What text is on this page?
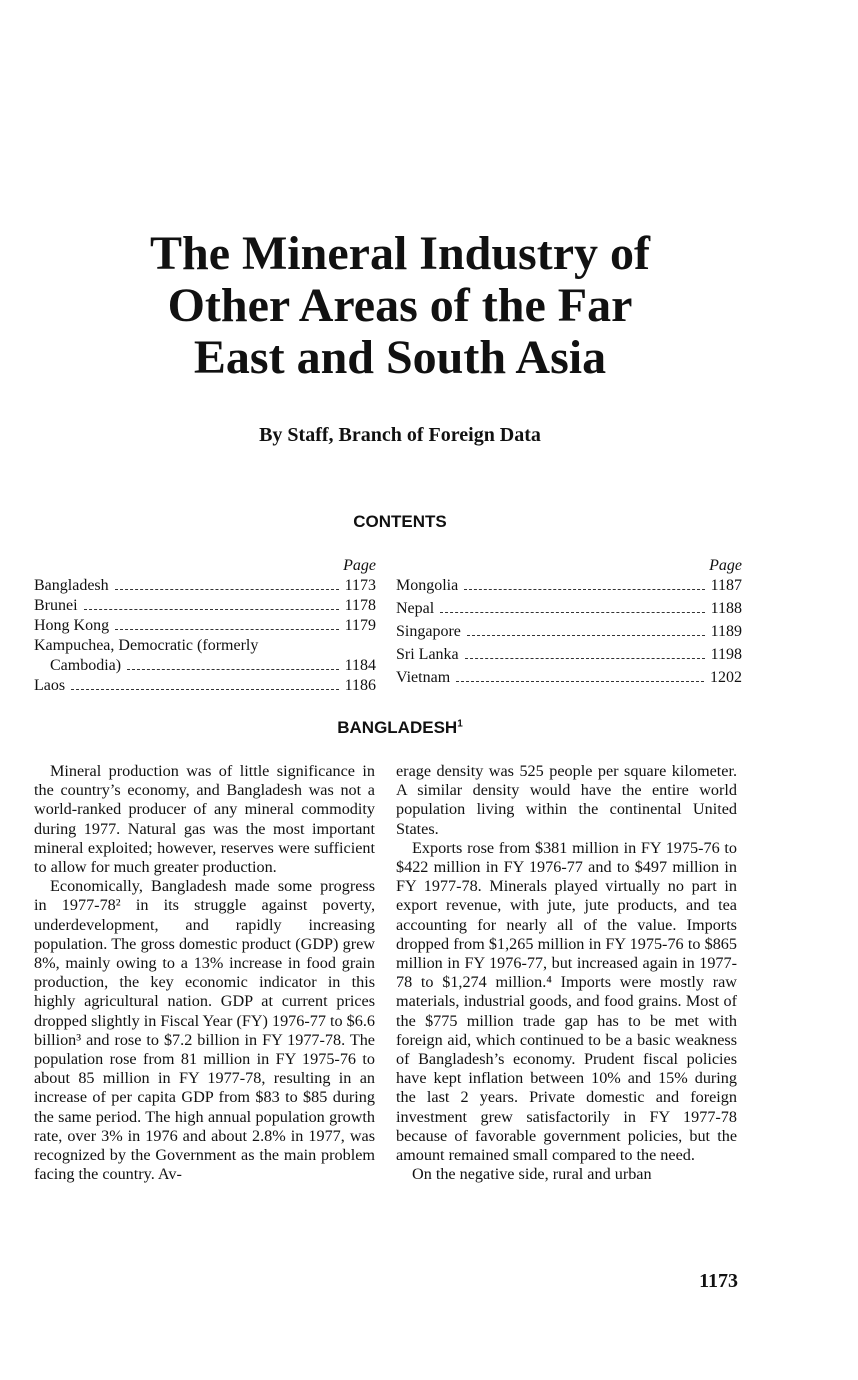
The Mineral Industry of
Other Areas of the Far
East and South Asia
By Staff, Branch of Foreign Data
CONTENTS
Page
Bangladesh	1173
Brunei	1178
Hong Kong	1179
Kampuchea, Democratic (formerly
Cambodia)	1184
Laos	1186
Page
Mongolia	1187
Nepal	1188
Singapore	1189
Sri Lanka	1198
Vietnam	1202
BANGLADESH$^1$

Mineral production was of little significance in the country’s economy, and Bangladesh was not a world-ranked producer of any mineral commodity during 1977. Natural gas was the most important mineral exploited; however, reserves were sufficient to allow for much greater production.

Economically, Bangladesh made some progress in 1977-78² in its struggle against poverty, underdevelopment, and rapidly increasing population. The gross domestic product (GDP) grew 8%, mainly owing to a 13% increase in food grain production, the key economic indicator in this highly agricultural nation. GDP at current prices dropped slightly in Fiscal Year (FY) 1976-77 to $6.6 billion³ and rose to $7.2 billion in FY 1977-78. The population rose from 81 million in FY 1975-76 to about 85 million in FY 1977-78, resulting in an increase of per capita GDP from $83 to $85 during the same period. The high annual population growth rate, over 3% in 1976 and about 2.8% in 1977, was recognized by the Government as the main problem facing the country. Av-

erage density was 525 people per square kilometer. A similar density would have the entire world population living within the continental United States.

Exports rose from $381 million in FY 1975-76 to $422 million in FY 1976-77 and to $497 million in FY 1977-78. Minerals played virtually no part in export revenue, with jute, jute products, and tea accounting for nearly all of the value. Imports dropped from $1,265 million in FY 1975-76 to $865 million in FY 1976-77, but increased again in 1977-78 to $1,274 million.⁴ Imports were mostly raw materials, industrial goods, and food grains. Most of the $775 million trade gap has to be met with foreign aid, which continued to be a basic weakness of Bangladesh’s economy. Prudent fiscal policies have kept inflation between 10% and 15% during the last 2 years. Private domestic and foreign investment grew satisfactorily in FY 1977-78 because of favorable government policies, but the amount remained small compared to the need.

On the negative side, rural and urban

1173
